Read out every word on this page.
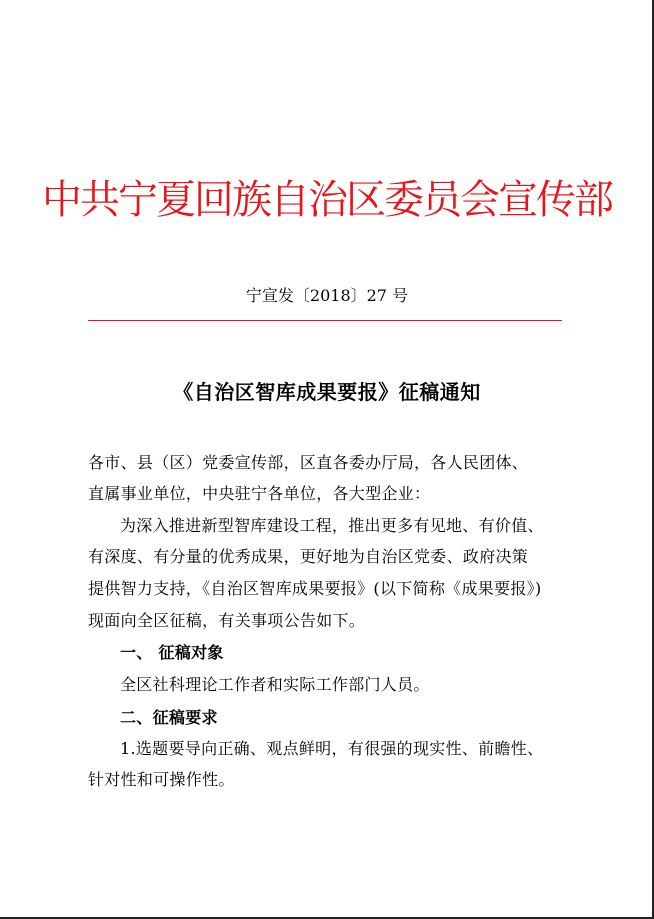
中共宁夏回族自治区委员会宣传部
宁宣发〔2018〕27 号
《自治区智库成果要报》征稿通知
各市、县（区）党委宣传部，区直各委办厅局，各人民团体、
直属事业单位，中央驻宁各单位，各大型企业：
为深入推进新型智库建设工程，推出更多有见地、有价值、
有深度、有分量的优秀成果，更好地为自治区党委、政府决策
提供智力支持，《自治区智库成果要报》(以下简称《成果要报》)
现面向全区征稿，有关事项公告如下。
一、 征稿对象
全区社科理论工作者和实际工作部门人员。
二、征稿要求
1.选题要导向正确、观点鲜明，有很强的现实性、前瞻性、
针对性和可操作性。
